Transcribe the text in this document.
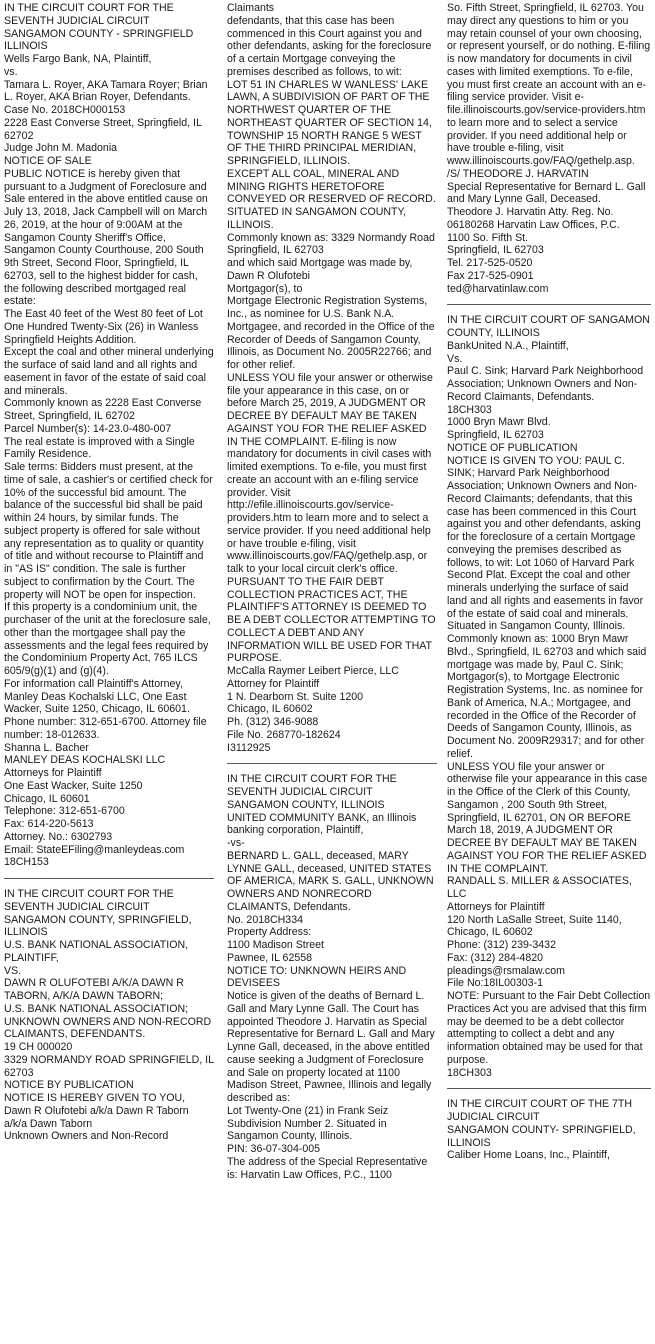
IN THE CIRCUIT COURT FOR THE SEVENTH JUDICIAL CIRCUIT
SANGAMON COUNTY - SPRINGFIELD ILLINOIS
Wells Fargo Bank, NA, Plaintiff,
vs.
Tamara L. Royer, AKA Tamara Royer; Brian L. Royer, AKA Brian Royer, Defendants.
Case No. 2018CH000153
2228 East Converse Street, Springfield, IL 62702
Judge John M. Madonia
NOTICE OF SALE
PUBLIC NOTICE is hereby given that pursuant to a Judgment of Foreclosure and Sale entered in the above entitled cause on July 13, 2018, Jack Campbell will on March 26, 2019, at the hour of 9:00AM at the Sangamon County Sheriff's Office, Sangamon County Courthouse, 200 South 9th Street, Second Floor, Springfield, IL 62703, sell to the highest bidder for cash, the following described mortgaged real estate:
The East 40 feet of the West 80 feet of Lot One Hundred Twenty-Six (26) in Wanless Springfield Heights Addition.
Except the coal and other mineral underlying the surface of said land and all rights and easement in favor of the estate of said coal and minerals.
Commonly known as 2228 East Converse Street, Springfield, IL 62702
Parcel Number(s): 14-23.0-480-007
The real estate is improved with a Single Family Residence.
Sale terms: Bidders must present, at the time of sale, a cashier's or certified check for 10% of the successful bid amount. The balance of the successful bid shall be paid within 24 hours, by similar funds. The subject property is offered for sale without any representation as to quality or quantity of title and without recourse to Plaintiff and in "AS IS" condition. The sale is further subject to confirmation by the Court. The property will NOT be open for inspection.
If this property is a condominium unit, the purchaser of the unit at the foreclosure sale, other than the mortgagee shall pay the assessments and the legal fees required by the Condominium Property Act, 765 ILCS 605/9(g)(1) and (g)(4).
For information call Plaintiff's Attorney, Manley Deas Kochalski LLC, One East Wacker, Suite 1250, Chicago, IL 60601. Phone number: 312-651-6700. Attorney file number: 18-012633.
Shanna L. Bacher
MANLEY DEAS KOCHALSKI LLC
Attorneys for Plaintiff
One East Wacker, Suite 1250
Chicago, IL 60601
Telephone: 312-651-6700
Fax: 614-220-5613
Attorney. No.: 6302793
Email: StateEFiling@manleydeas.com
18CH153

IN THE CIRCUIT COURT FOR THE SEVENTH JUDICIAL CIRCUIT
SANGAMON COUNTY, SPRINGFIELD, ILLINOIS
U.S. BANK NATIONAL ASSOCIATION, PLAINTIFF,
VS.
DAWN R OLUFOTEBI A/K/A DAWN R TABORN, A/K/A DAWN TABORN;
U.S. BANK NATIONAL ASSOCIATION;
UNKNOWN OWNERS AND NON-RECORD CLAIMANTS, DEFENDANTS.
19 CH 000020
3329 NORMANDY ROAD SPRINGFIELD, IL 62703
NOTICE BY PUBLICATION
NOTICE IS HEREBY GIVEN TO YOU, Dawn R Olufotebi a/k/a Dawn R Taborn a/k/a Dawn Taborn
Unknown Owners and Non-Record

Claimants
defendants, that this case has been commenced in this Court against you and other defendants, asking for the foreclosure of a certain Mortgage conveying the premises described as follows, to wit:
LOT 51 IN CHARLES W WANLESS' LAKE LAWN, A SUBDIVISION OF PART OF THE NORTHWEST QUARTER OF THE NORTHEAST QUARTER OF SECTION 14, TOWNSHIP 15 NORTH RANGE 5 WEST OF THE THIRD PRINCIPAL MERIDIAN, SPRINGFIELD, ILLINOIS.
EXCEPT ALL COAL, MINERAL AND MINING RIGHTS HERETOFORE CONVEYED OR RESERVED OF RECORD.
SITUATED IN SANGAMON COUNTY, ILLINOIS.
Commonly known as: 3329 Normandy Road Springfield, IL 62703
and which said Mortgage was made by, Dawn R Olufotebi
Mortgagor(s), to
Mortgage Electronic Registration Systems, Inc., as nominee for U.S. Bank N.A. Mortgagee, and recorded in the Office of the Recorder of Deeds of Sangamon County, Illinois, as Document No. 2005R22766; and for other relief.
UNLESS YOU file your answer or otherwise file your appearance in this case, on or before March 25, 2019, A JUDGMENT OR DECREE BY DEFAULT MAY BE TAKEN AGAINST YOU FOR THE RELIEF ASKED IN THE COMPLAINT. E-filing is now mandatory for documents in civil cases with limited exemptions. To e-file, you must first create an account with an e-filing service provider. Visit http://efile.illinoiscourts.gov/service-providers.htm to learn more and to select a service provider. If you need additional help or have trouble e-filing, visit www.illinoiscourts.gov/FAQ/gethelp.asp, or talk to your local circuit clerk's office.
PURSUANT TO THE FAIR DEBT COLLECTION PRACTICES ACT, THE PLAINTIFF'S ATTORNEY IS DEEMED TO BE A DEBT COLLECTOR ATTEMPTING TO COLLECT A DEBT AND ANY INFORMATION WILL BE USED FOR THAT PURPOSE.
McCalla Raymer Leibert Pierce, LLC
Attorney for Plaintiff
1 N. Dearborn St. Suite 1200
Chicago, IL 60602
Ph. (312) 346-9088
File No. 268770-182624
I3112925

IN THE CIRCUIT COURT FOR THE SEVENTH JUDICIAL CIRCUIT SANGAMON COUNTY, ILLINOIS
UNITED COMMUNITY BANK, an Illinois banking corporation, Plaintiff,
-vs-
BERNARD L. GALL, deceased, MARY LYNNE GALL, deceased, UNITED STATES OF AMERICA, MARK S. GALL, UNKNOWN OWNERS AND NONRECORD CLAIMANTS, Defendants.
No. 2018CH334
Property Address:
1100 Madison Street
Pawnee, IL 62558
NOTICE TO: UNKNOWN HEIRS AND DEVISEES
Notice is given of the deaths of Bernard L. Gall and Mary Lynne Gall. The Court has appointed Theodore J. Harvatin as Special Representative for Bernard L. Gall and Mary Lynne Gall, deceased, in the above entitled cause seeking a Judgment of Foreclosure and Sale on property located at 1100 Madison Street, Pawnee, Illinois and legally described as:
Lot Twenty-One (21) in Frank Seiz Subdivision Number 2. Situated in Sangamon County, Illinois.
PIN: 36-07-304-005
The address of the Special Representative is: Harvatin Law Offices, P.C., 1100

So. Fifth Street, Springfield, IL 62703. You may direct any questions to him or you may retain counsel of your own choosing, or represent yourself, or do nothing. E-filing is now mandatory for documents in civil cases with limited exemptions. To e-file, you must first create an account with an e-filing service provider. Visit e-file.illinoiscourts.gov/service-providers.htm to learn more and to select a service provider. If you need additional help or have trouble e-filing, visit www.illinoiscourts.gov/FAQ/gethelp.asp.
/S/ THEODORE J. HARVATIN
Special Representative for Bernard L. Gall and Mary Lynne Gall, Deceased.
Theodore J. Harvatin Atty. Reg. No. 06180268 Harvatin Law Offices, P.C.
1100 So. Fifth St.
Springfield, IL 62703
Tel. 217-525-0520
Fax 217-525-0901
ted@harvatinlaw.com

IN THE CIRCUIT COURT OF SANGAMON COUNTY, ILLINOIS
BankUnited N.A., Plaintiff,
Vs.
Paul C. Sink; Harvard Park Neighborhood Association; Unknown Owners and Non-Record Claimants, Defendants.
18CH303
1000 Bryn Mawr Blvd.
Springfield, IL 62703
NOTICE OF PUBLICATION
NOTICE IS GIVEN TO YOU: PAUL C. SINK; Harvard Park Neighborhood Association; Unknown Owners and Non-Record Claimants; defendants, that this case has been commenced in this Court against you and other defendants, asking for the foreclosure of a certain Mortgage conveying the premises described as follows, to wit: Lot 1060 of Harvard Park Second Plat. Except the coal and other minerals underlying the surface of said land and all rights and easements in favor of the estate of said coal and minerals. Situated in Sangamon County, Illinois.
Commonly known as: 1000 Bryn Mawr Blvd., Springfield, IL 62703 and which said mortgage was made by, Paul C. Sink; Mortgagor(s), to Mortgage Electronic Registration Systems, Inc. as nominee for Bank of America, N.A.; Mortgagee, and recorded in the Office of the Recorder of Deeds of Sangamon County, Illinois, as Document No. 2009R29317; and for other relief.
UNLESS YOU file your answer or otherwise file your appearance in this case in the Office of the Clerk of this County, Sangamon , 200 South 9th Street, Springfield, IL 62701, ON OR BEFORE March 18, 2019, A JUDGMENT OR DECREE BY DEFAULT MAY BE TAKEN AGAINST YOU FOR THE RELIEF ASKED IN THE COMPLAINT.
RANDALL S. MILLER & ASSOCIATES, LLC
Attorneys for Plaintiff
120 North LaSalle Street, Suite 1140, Chicago, IL 60602
Phone: (312) 239-3432
Fax: (312) 284-4820
pleadings@rsmalaw.com
File No:18IL00303-1
NOTE: Pursuant to the Fair Debt Collection Practices Act you are advised that this firm may be deemed to be a debt collector attempting to collect a debt and any information obtained may be used for that purpose.
18CH303

IN THE CIRCUIT COURT OF THE 7TH JUDICIAL CIRCUIT
SANGAMON COUNTY- SPRINGFIELD, ILLINOIS
Caliber Home Loans, Inc., Plaintiff,
